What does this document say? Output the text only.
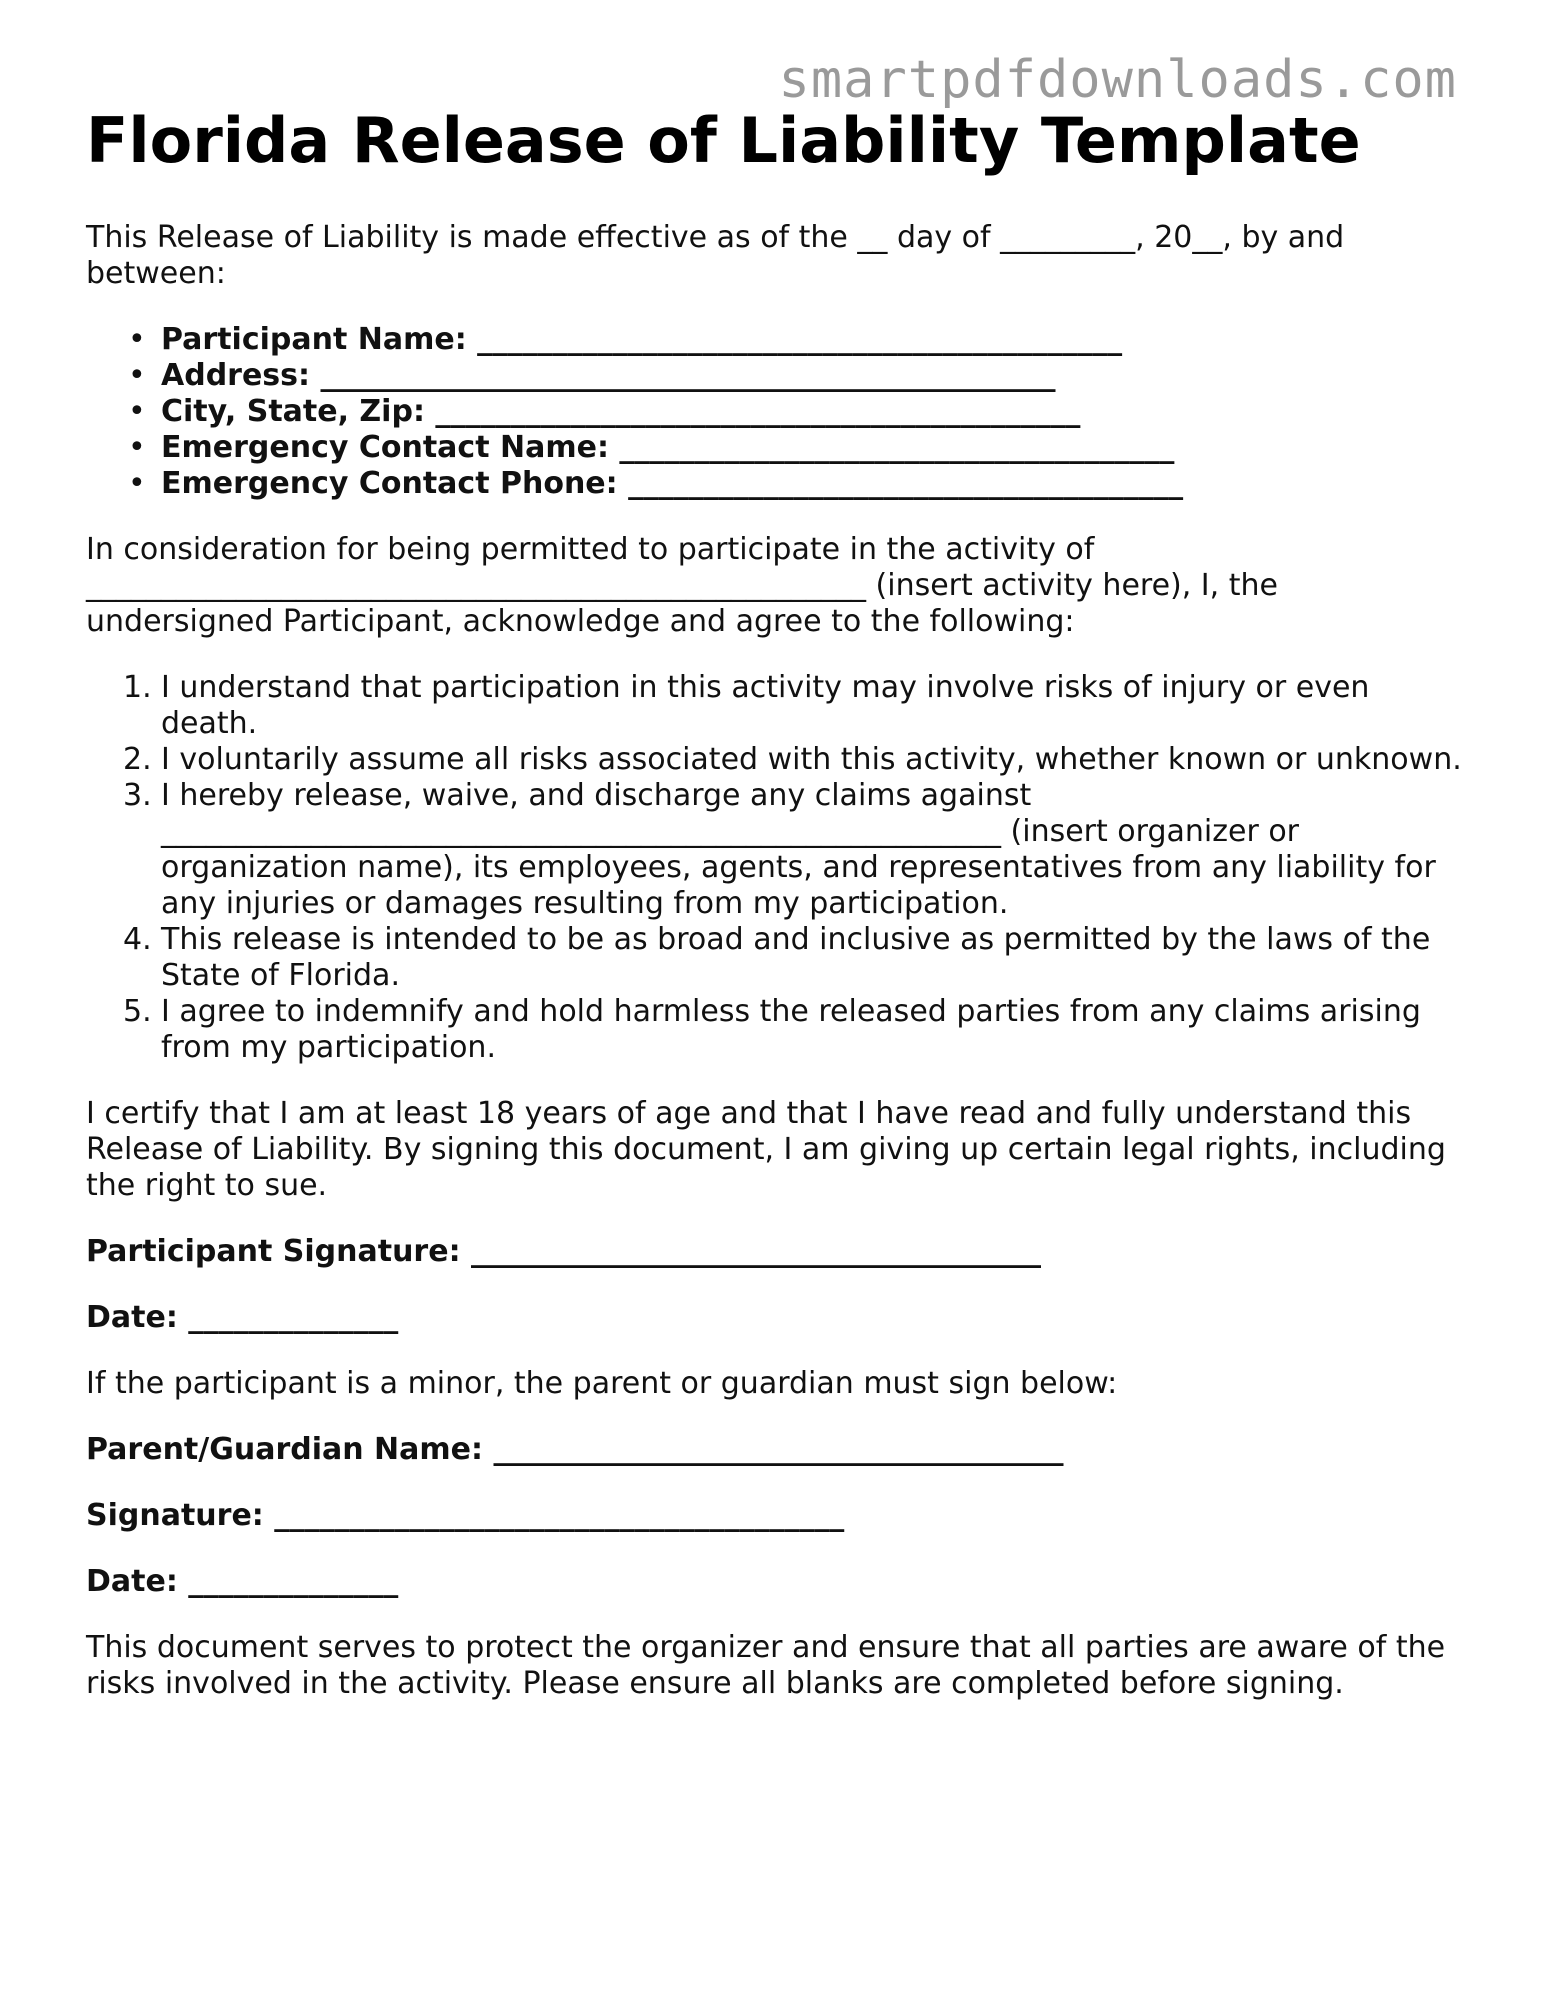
smartpdfdownloads.com
Florida Release of Liability Template

This Release of Liability is made effective as of the __ day of _________, 20__, by and between:

• Participant Name: ___________________________________________
• Address: _________________________________________________
• City, State, Zip: ___________________________________________
• Emergency Contact Name: _____________________________________
• Emergency Contact Phone: _____________________________________

In consideration for being permitted to participate in the activity of
____________________________________________________ (insert activity here), I, the
undersigned Participant, acknowledge and agree to the following:

1. I understand that participation in this activity may involve risks of injury or even
death.
2. I voluntarily assume all risks associated with this activity, whether known or unknown.
3. I hereby release, waive, and discharge any claims against
________________________________________________________ (insert organizer or
organization name), its employees, agents, and representatives from any liability for
any injuries or damages resulting from my participation.
4. This release is intended to be as broad and inclusive as permitted by the laws of the
State of Florida.
5. I agree to indemnify and hold harmless the released parties from any claims arising
from my participation.

I certify that I am at least 18 years of age and that I have read and fully understand this
Release of Liability. By signing this document, I am giving up certain legal rights, including
the right to sue.

Participant Signature: ______________________________________

Date: ______________

If the participant is a minor, the parent or guardian must sign below:

Parent/Guardian Name: ______________________________________

Signature: ______________________________________

Date: ______________

This document serves to protect the organizer and ensure that all parties are aware of the
risks involved in the activity. Please ensure all blanks are completed before signing.
